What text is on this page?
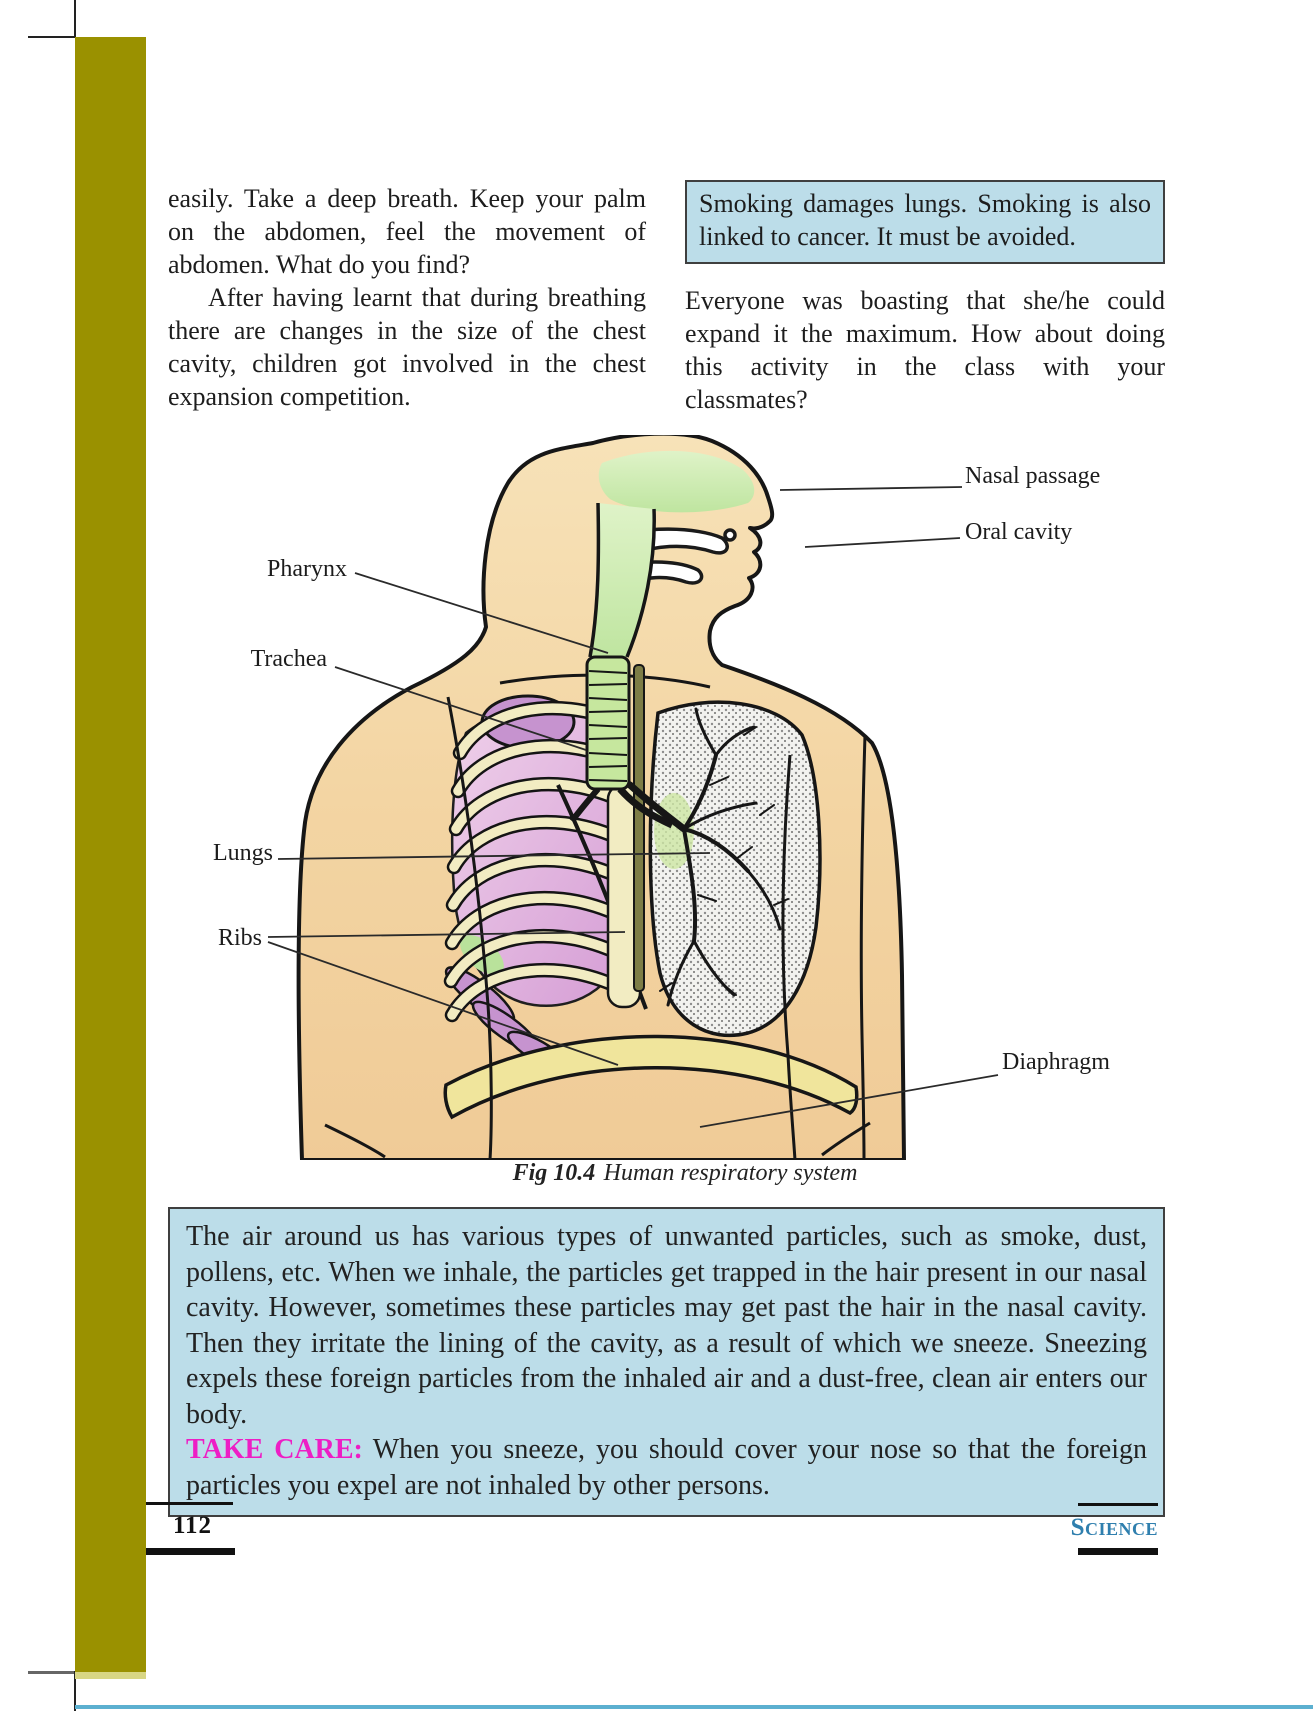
easily. Take a deep breath. Keep your palm on the abdomen, feel the movement of abdomen. What do you find?

After having learnt that during breathing there are changes in the size of the chest cavity, children got involved in the chest expansion competition.

Smoking damages lungs. Smoking is also linked to cancer. It must be avoided.

Everyone was boasting that she/he could expand it the maximum. How about doing this activity in the class with your classmates?

Pharynx
Trachea
Lungs
Ribs
Nasal passage
Oral cavity
Diaphragm
Fig 10.4 Human respiratory system
The air around us has various types of unwanted particles, such as smoke, dust, pollens, etc. When we inhale, the particles get trapped in the hair present in our nasal cavity. However, sometimes these particles may get past the hair in the nasal cavity. Then they irritate the lining of the cavity, as a result of which we sneeze. Sneezing expels these foreign particles from the inhaled air and a dust-free, clean air enters our body.
TAKE CARE: When you sneeze, you should cover your nose so that the foreign particles you expel are not inhaled by other persons.
112	Science
